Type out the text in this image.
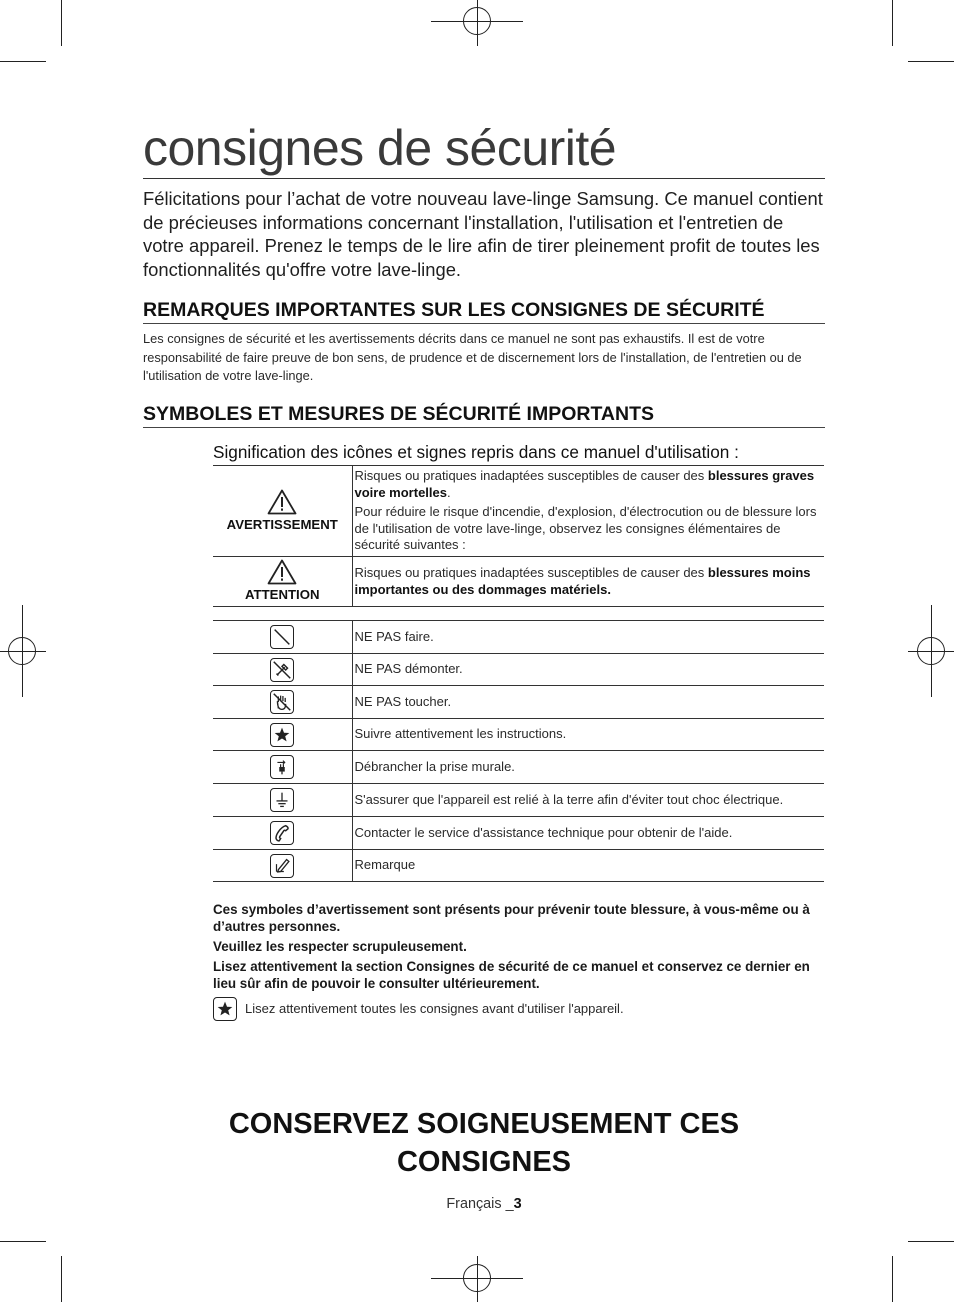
consignes de sécurité

Félicitations pour l’achat de votre nouveau lave-linge Samsung. Ce manuel contient de précieuses informations concernant l'installation, l'utilisation et l'entretien de votre appareil. Prenez le temps de le lire afin de tirer pleinement profit de toutes les fonctionnalités qu'offre votre lave-linge.

REMARQUES IMPORTANTES SUR LES CONSIGNES DE SÉCURITÉ

Les consignes de sécurité et les avertissements décrits dans ce manuel ne sont pas exhaustifs. Il est de votre responsabilité de faire preuve de bon sens, de prudence et de discernement lors de l'installation, de l'entretien ou de l'utilisation de votre lave-linge.

SYMBOLES ET MESURES DE SÉCURITÉ IMPORTANTS
Signification des icônes et signes repris dans ce manuel d'utilisation :
AVERTISSEMENT	Risques ou pratiques inadaptées susceptibles de causer des blessures graves voire mortelles.
Pour réduire le risque d'incendie, d'explosion, d'électrocution ou de blessure lors de l'utilisation de votre lave-linge, observez les consignes élémentaires de sécurité suivantes :

ATTENTION	Risques ou pratiques inadaptées susceptibles de causer des blessures moins importantes ou des dommages matériels.

	NE PAS faire.

	NE PAS démonter.

	NE PAS toucher.

	Suivre attentivement les instructions.

	Débrancher la prise murale.

	S'assurer que l'appareil est relié à la terre afin d'éviter tout choc électrique.

	Contacter le service d'assistance technique pour obtenir de l'aide.

	Remarque

Ces symboles d’avertissement sont présents pour prévenir toute blessure, à vous-même ou à d’autres personnes.

Veuillez les respecter scrupuleusement.

Lisez attentivement la section Consignes de sécurité de ce manuel et conservez ce dernier en lieu sûr afin de pouvoir le consulter ultérieurement.

Lisez attentivement toutes les consignes avant d'utiliser l'appareil.
CONSERVEZ SOIGNEUSEMENT CES CONSIGNES
Français _3
